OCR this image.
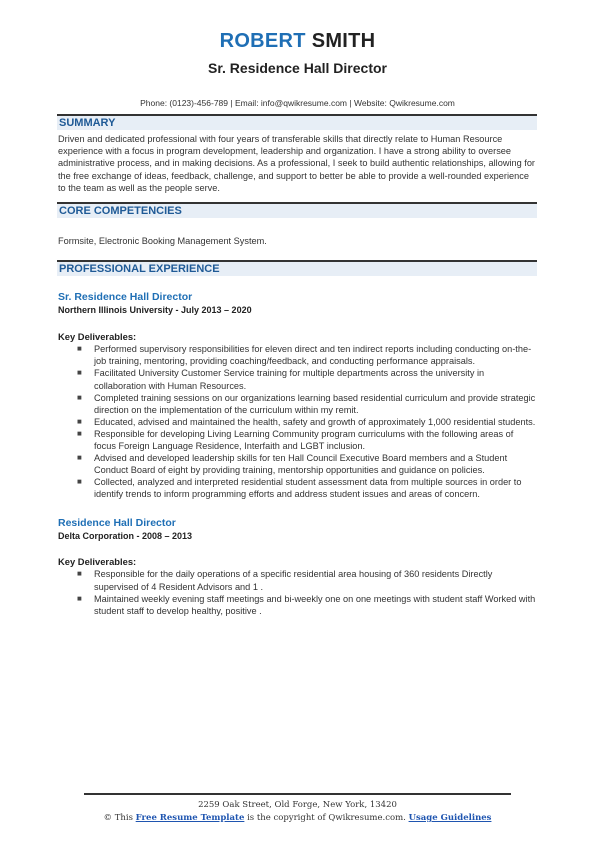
ROBERT SMITH
Sr. Residence Hall Director
Phone: (0123)-456-789 | Email: info@qwikresume.com | Website: Qwikresume.com
SUMMARY

Driven and dedicated professional with four years of transferable skills that directly relate to Human Resource experience with a focus in program development, leadership and organization. I have a strong ability to oversee administrative process, and in making decisions. As a professional, I seek to build authentic relationships, allowing for the free exchange of ideas, feedback, challenge, and support to better be able to provide a well-rounded experience to the team as well as the people serve.

CORE COMPETENCIES

Formsite, Electronic Booking Management System.

PROFESSIONAL EXPERIENCE
Sr. Residence Hall Director
Northern Illinois University - July 2013 – 2020
Key Deliverables:
■ Performed supervisory responsibilities for eleven direct and ten indirect reports including conducting on-the-job training, mentoring, providing coaching/feedback, and conducting performance appraisals.
■ Facilitated University Customer Service training for multiple departments across the university in collaboration with Human Resources.
■ Completed training sessions on our organizations learning based residential curriculum and provide strategic direction on the implementation of the curriculum within my remit.
■ Educated, advised and maintained the health, safety and growth of approximately 1,000 residential students.
■ Responsible for developing Living Learning Community program curriculums with the following areas of focus Foreign Language Residence, Interfaith and LGBT inclusion.
■ Advised and developed leadership skills for ten Hall Council Executive Board members and a Student Conduct Board of eight by providing training, mentorship opportunities and guidance on policies.
■ Collected, analyzed and interpreted residential student assessment data from multiple sources in order to identify trends to inform programming efforts and address student issues and areas of concern.
Residence Hall Director
Delta Corporation - 2008 – 2013
Key Deliverables:
■ Responsible for the daily operations of a specific residential area housing of 360 residents Directly supervised of 4 Resident Advisors and 1 .
■ Maintained weekly evening staff meetings and bi-weekly one on one meetings with student staff Worked with student staff to develop healthy, positive .
2259 Oak Street, Old Forge, New York, 13420
© This Free Resume Template is the copyright of Qwikresume.com. Usage Guidelines
